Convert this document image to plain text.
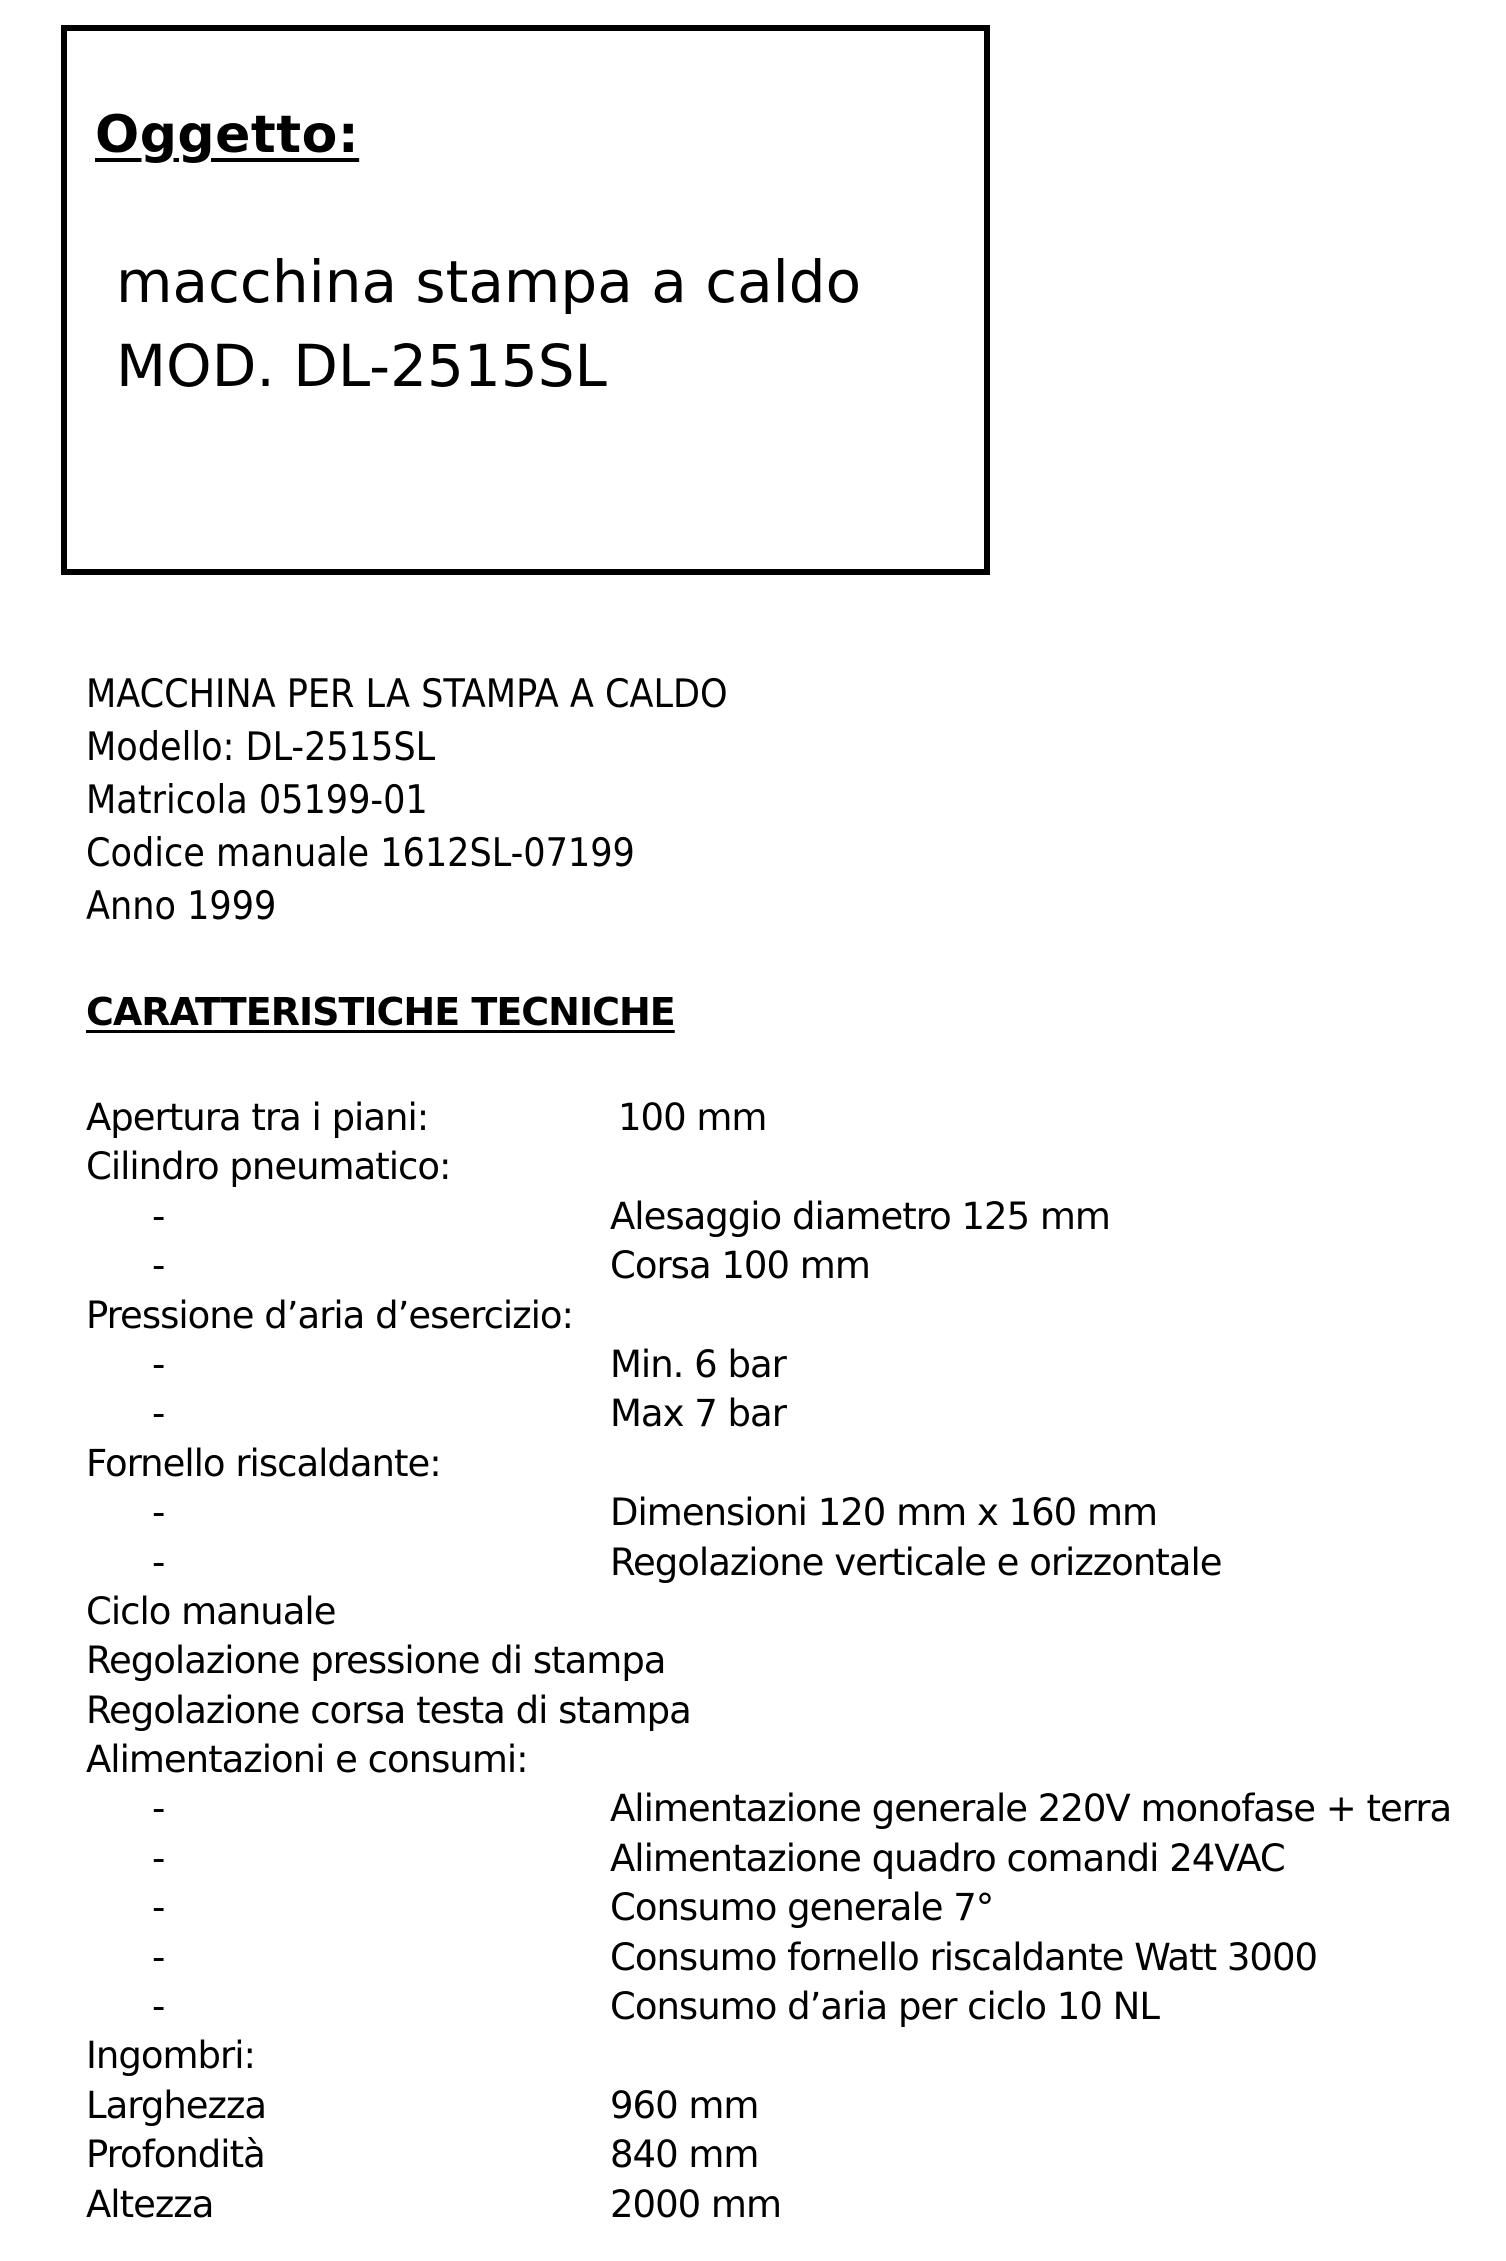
Oggetto:
macchina stampa a caldo
MOD. DL-2515SL
MACCHINA PER LA STAMPA A CALDO
Modello: DL-2515SL
Matricola 05199-01
Codice manuale 1612SL-07199
Anno 1999
CARATTERISTICHE TECNICHE
Apertura tra i piani:	100 mm
Cilindro pneumatico:
-	Alesaggio diametro 125 mm
-	Corsa 100 mm
Pressione d’aria d’esercizio:
-	Min. 6 bar
-	Max 7 bar
Fornello riscaldante:
-	Dimensioni 120 mm x 160 mm
-	Regolazione verticale e orizzontale
Ciclo manuale
Regolazione pressione di stampa
Regolazione corsa testa di stampa
Alimentazioni e consumi:
-	Alimentazione generale 220V monofase + terra
-	Alimentazione quadro comandi 24VAC
-	Consumo generale 7°
-	Consumo fornello riscaldante Watt 3000
-	Consumo d’aria per ciclo 10 NL
Ingombri:
Larghezza	960 mm
Profondità	840 mm
Altezza	2000 mm
